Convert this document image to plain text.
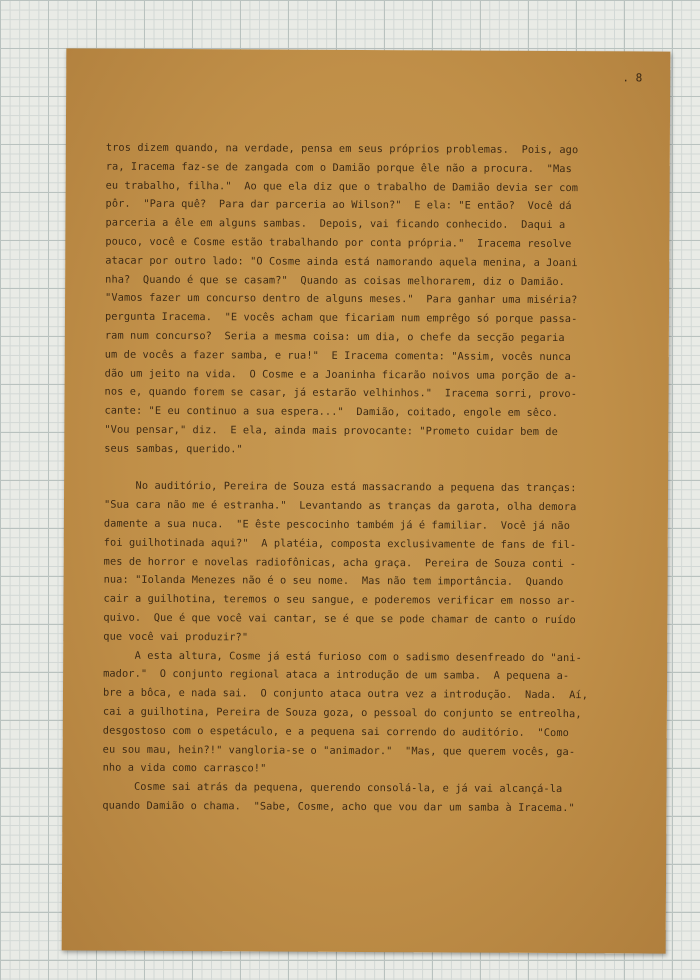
. 8
tros dizem quando, na verdade, pensa em seus próprios problemas.  Pois, ago
ra, Iracema faz-se de zangada com o Damião porque êle não a procura.  "Mas
eu trabalho, filha."  Ao que ela diz que o trabalho de Damião devia ser com
pôr.  "Para quê?  Para dar parceria ao Wilson?"  E ela: "E então?  Você dá
parceria a êle em alguns sambas.  Depois, vai ficando conhecido.  Daqui a
pouco, você e Cosme estão trabalhando por conta própria."  Iracema resolve
atacar por outro lado: "O Cosme ainda está namorando aquela menina, a Joani
nha?  Quando é que se casam?"  Quando as coisas melhorarem, diz o Damião.
"Vamos fazer um concurso dentro de alguns meses."  Para ganhar uma miséria?
pergunta Iracema.  "E vocês acham que ficariam num emprêgo só porque passa-
ram num concurso?  Seria a mesma coisa: um dia, o chefe da secção pegaria
um de vocês a fazer samba, e rua!"  E Iracema comenta: "Assim, vocês nunca
dão um jeito na vida.  O Cosme e a Joaninha ficarão noivos uma porção de a-
nos e, quando forem se casar, já estarão velhinhos."  Iracema sorri, provo-
cante: "E eu continuo a sua espera..."  Damião, coitado, engole em sêco.
"Vou pensar," diz.  E ela, ainda mais provocante: "Prometo cuidar bem de
seus sambas, querido."
No auditório, Pereira de Souza está massacrando a pequena das tranças:
"Sua cara não me é estranha."  Levantando as tranças da garota, olha demora
damente a sua nuca.  "E êste pescocinho também já é familiar.  Você já não
foi guilhotinada aqui?"  A platéia, composta exclusivamente de fans de fil-
mes de horror e novelas radiofônicas, acha graça.  Pereira de Souza conti -
nua: "Iolanda Menezes não é o seu nome.  Mas não tem importância.  Quando
cair a guilhotina, teremos o seu sangue, e poderemos verificar em nosso ar-
quivo.  Que é que você vai cantar, se é que se pode chamar de canto o ruído
que você vai produzir?"
A esta altura, Cosme já está furioso com o sadismo desenfreado do "ani-
mador."  O conjunto regional ataca a introdução de um samba.  A pequena a-
bre a bôca, e nada sai.  O conjunto ataca outra vez a introdução.  Nada.  Aí,
cai a guilhotina, Pereira de Souza goza, o pessoal do conjunto se entreolha,
desgostoso com o espetáculo, e a pequena sai correndo do auditório.  "Como
eu sou mau, hein?!" vangloria-se o "animador."  "Mas, que querem vocês, ga-
nho a vida como carrasco!"
Cosme sai atrás da pequena, querendo consolá-la, e já vai alcançá-la
quando Damião o chama.  "Sabe, Cosme, acho que vou dar um samba à Iracema."
